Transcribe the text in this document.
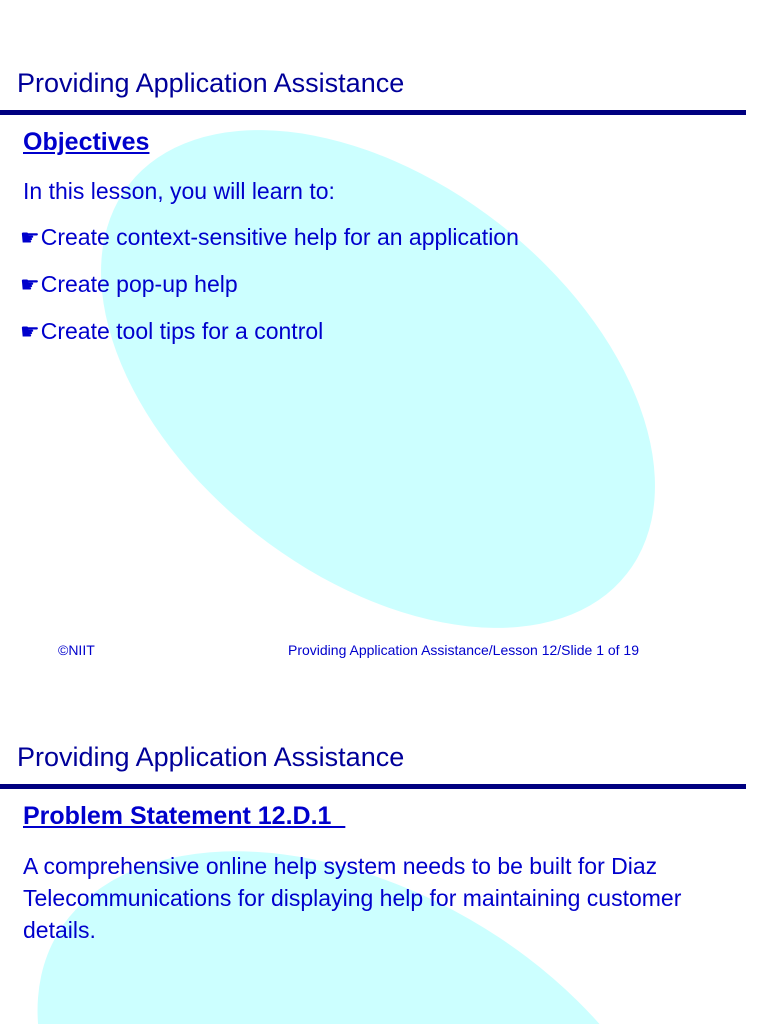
Providing Application Assistance
Objectives
In this lesson, you will learn to:
☛ Create context-sensitive help for an application
☛ Create pop-up help
☛ Create tool tips for a control
©NIIT	Providing Application Assistance/Lesson 12/Slide 1 of 19
Providing Application Assistance
Problem Statement 12.D.1

A comprehensive online help system needs to be built for Diaz Telecommunications for displaying help for maintaining customer details.
